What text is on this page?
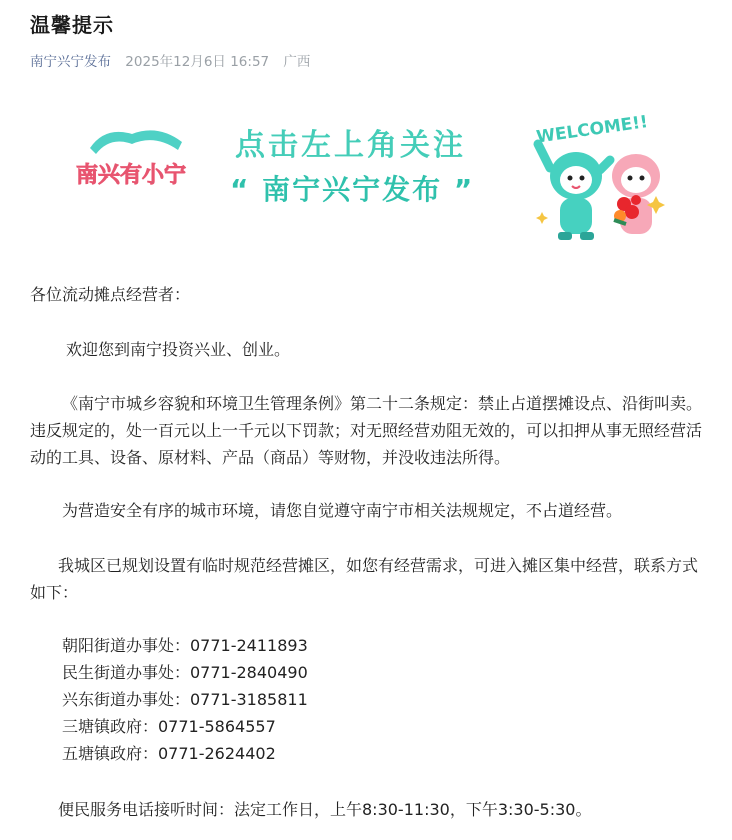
温馨提示
南宁兴宁发布 2025年12月6日 16:57 广西
南兴有小宁
点击左上角关注
“ 南宁兴宁发布 ”
WELCOME!!
各位流动摊点经营者：
欢迎您到南宁投资兴业、创业。
《南宁市城乡容貌和环境卫生管理条例》第二十二条规定：禁止占道摆摊设点、沿街叫卖。违反规定的，处一百元以上一千元以下罚款；对无照经营劝阻无效的，可以扣押从事无照经营活动的工具、设备、原材料、产品（商品）等财物，并没收违法所得。
为营造安全有序的城市环境，请您自觉遵守南宁市相关法规规定，不占道经营。
我城区已规划设置有临时规范经营摊区，如您有经营需求，可进入摊区集中经营，联系方式如下：
朝阳街道办事处：0771-2411893
民生街道办事处：0771-2840490
兴东街道办事处：0771-3185811
三塘镇政府：0771-5864557
五塘镇政府：0771-2624402
便民服务电话接听时间：法定工作日，上午8:30-11:30，下午3:30-5:30。
